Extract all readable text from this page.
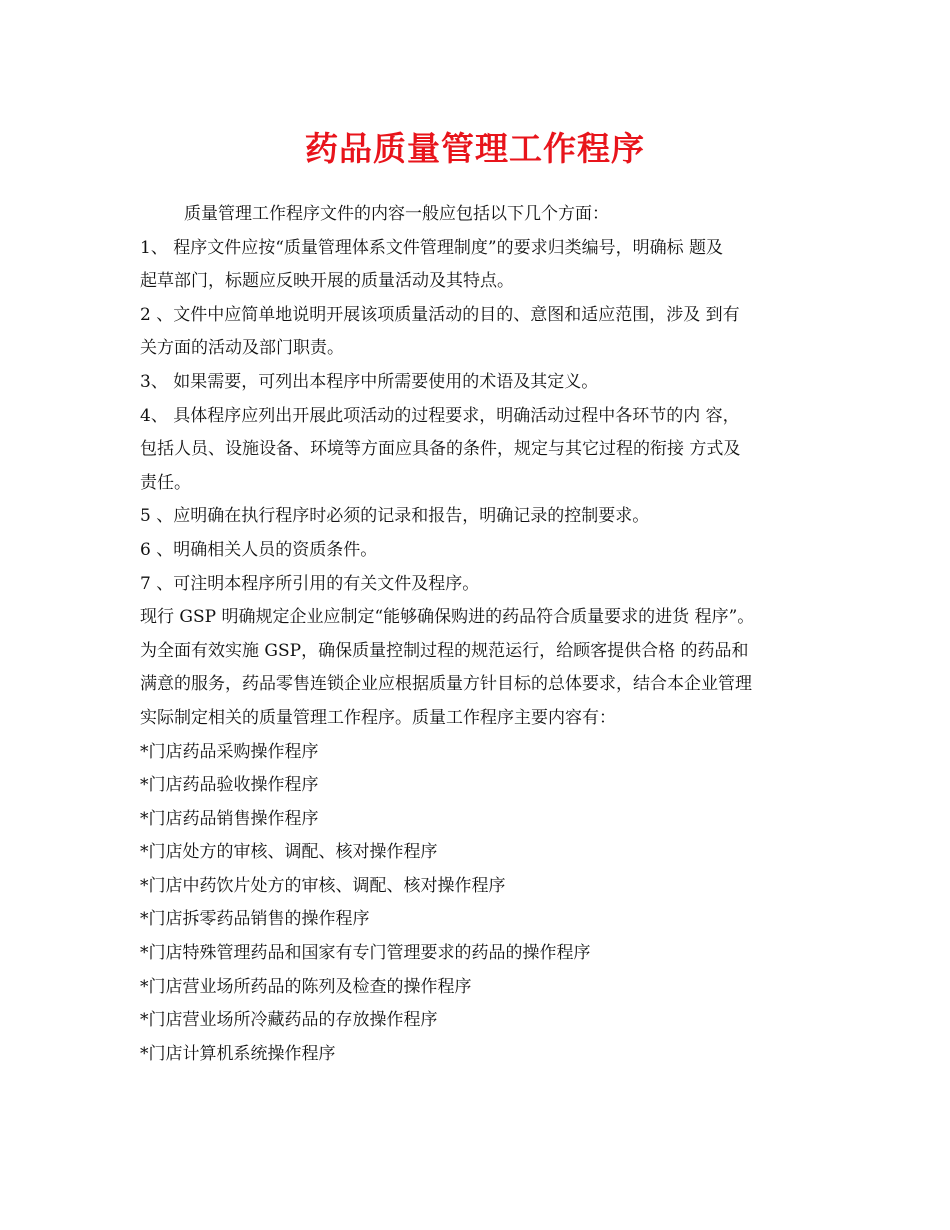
药品质量管理工作程序
质量管理工作程序文件的内容一般应包括以下几个方面：
1、 程序文件应按“质量管理体系文件管理制度”的要求归类编号，明确标 题及
起草部门，标题应反映开展的质量活动及其特点。
2 、文件中应简单地说明开展该项质量活动的目的、意图和适应范围，涉及 到有
关方面的活动及部门职责。
3、 如果需要，可列出本程序中所需要使用的术语及其定义。
4、 具体程序应列出开展此项活动的过程要求，明确活动过程中各环节的内 容，
包括人员、设施设备、环境等方面应具备的条件，规定与其它过程的衔接 方式及
责任。
5 、应明确在执行程序时必须的记录和报告，明确记录的控制要求。
6 、明确相关人员的资质条件。
7 、可注明本程序所引用的有关文件及程序。
现行 GSP 明确规定企业应制定“能够确保购进的药品符合质量要求的进货 程序”。
为全面有效实施 GSP，确保质量控制过程的规范运行，给顾客提供合格 的药品和
满意的服务，药品零售连锁企业应根据质量方针目标的总体要求，结合本企业管理
实际制定相关的质量管理工作程序。质量工作程序主要内容有：
*门店药品采购操作程序
*门店药品验收操作程序
*门店药品销售操作程序
*门店处方的审核、调配、核对操作程序
*门店中药饮片处方的审核、调配、核对操作程序
*门店拆零药品销售的操作程序
*门店特殊管理药品和国家有专门管理要求的药品的操作程序
*门店营业场所药品的陈列及检查的操作程序
*门店营业场所冷藏药品的存放操作程序
*门店计算机系统操作程序
